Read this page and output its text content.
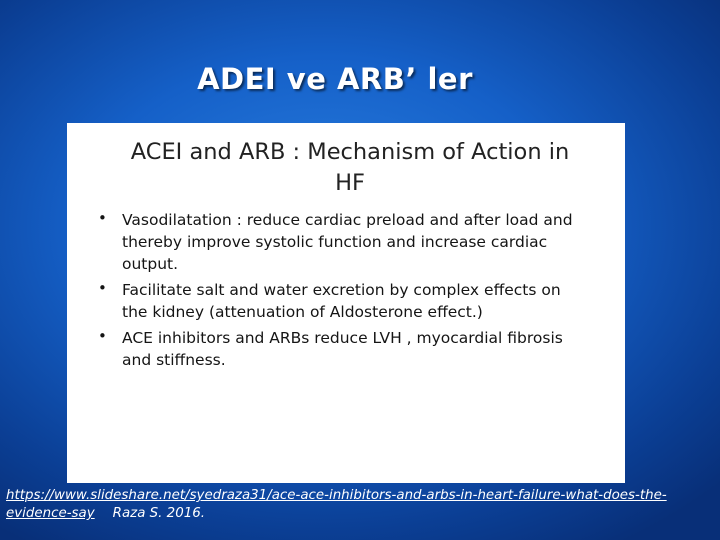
ADEI ve ARB’ ler
ACEI and ARB : Mechanism of Action in HF
• Vasodilatation : reduce cardiac preload and after load and thereby improve systolic function and increase cardiac output.
• Facilitate salt and water excretion by complex effects on the kidney (attenuation of Aldosterone effect.)
• ACE inhibitors and ARBs reduce LVH , myocardial fibrosis and stiffness.
https://www.slideshare.net/syedraza31/ace-ace-inhibitors-and-arbs-in-heart-failure-what-does-the-evidence-say Raza S. 2016.
